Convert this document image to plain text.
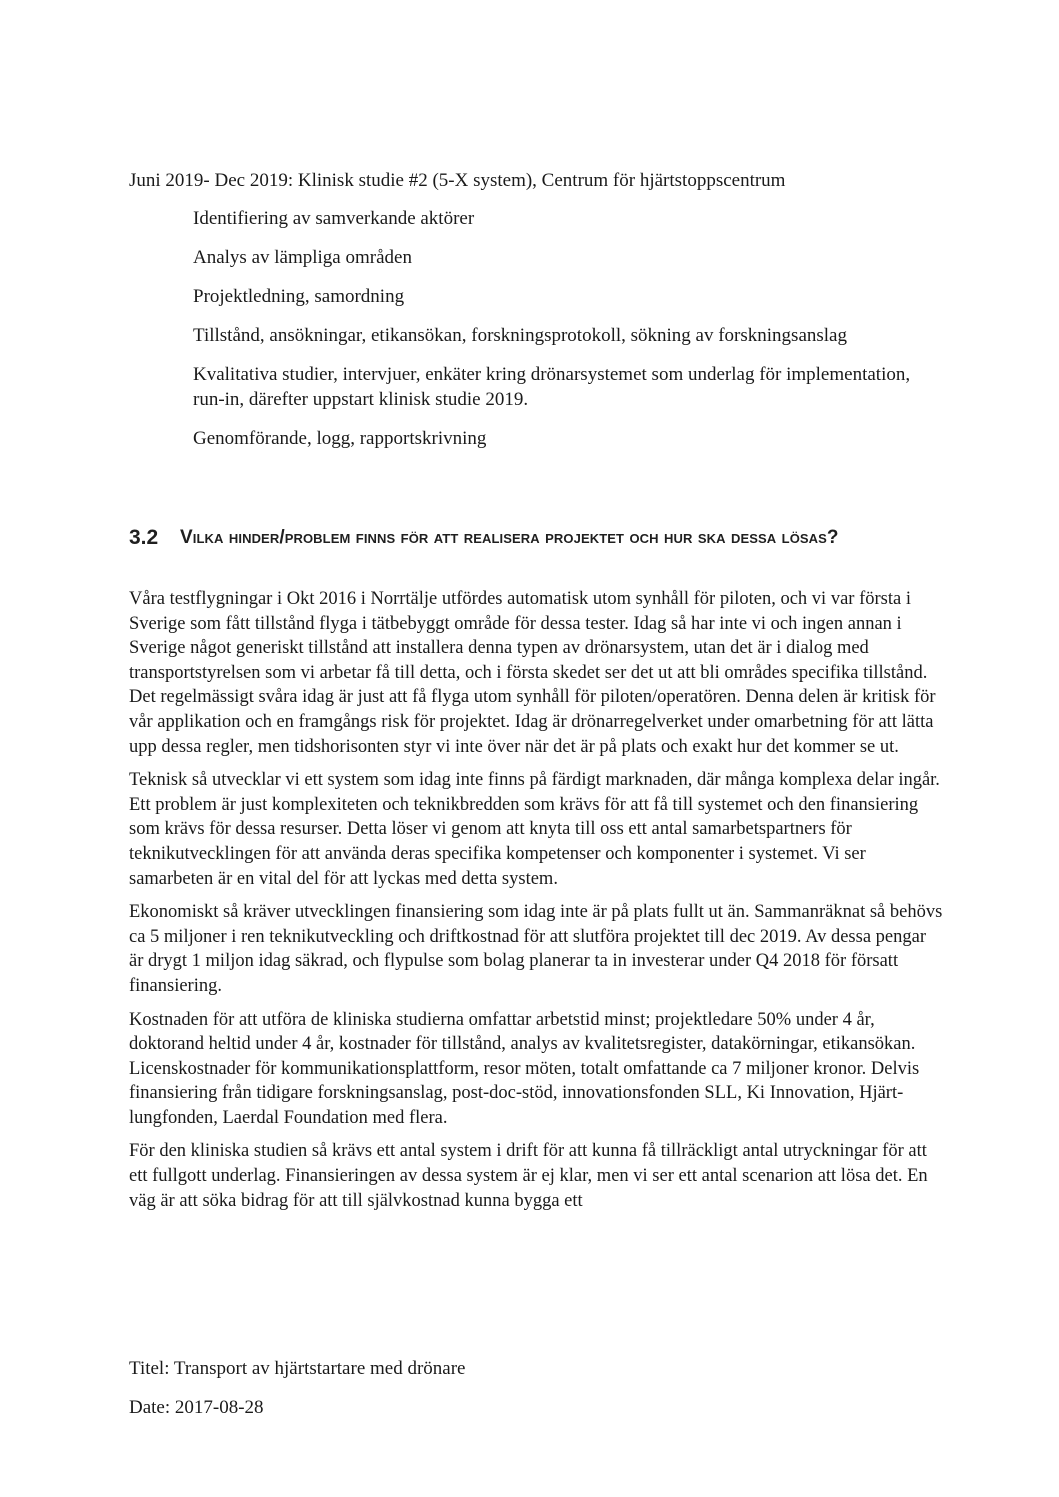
Juni 2019- Dec 2019: Klinisk studie #2 (5-X system), Centrum för hjärtstoppscentrum
Identifiering av samverkande aktörer
Analys av lämpliga områden
Projektledning, samordning
Tillstånd, ansökningar, etikansökan, forskningsprotokoll, sökning av forskningsanslag
Kvalitativa studier, intervjuer, enkäter kring drönarsystemet som underlag för implementation, run-in, därefter uppstart klinisk studie 2019.
Genomförande, logg, rapportskrivning
3.2 Vilka hinder/problem finns för att realisera projektet och hur ska dessa lösas?

Våra testflygningar i Okt 2016 i Norrtälje utfördes automatisk utom synhåll för piloten, och vi var första i Sverige som fått tillstånd flyga i tätbebyggt område för dessa tester. Idag så har inte vi och ingen annan i Sverige något generiskt tillstånd att installera denna typen av drönarsystem, utan det är i dialog med transportstyrelsen som vi arbetar få till detta, och i första skedet ser det ut att bli områdes specifika tillstånd. Det regelmässigt svåra idag är just att få flyga utom synhåll för piloten/operatören. Denna delen är kritisk för vår applikation och en framgångs risk för projektet. Idag är drönarregelverket under omarbetning för att lätta upp dessa regler, men tidshorisonten styr vi inte över när det är på plats och exakt hur det kommer se ut.

Teknisk så utvecklar vi ett system som idag inte finns på färdigt marknaden, där många komplexa delar ingår. Ett problem är just komplexiteten och teknikbredden som krävs för att få till systemet och den finansiering som krävs för dessa resurser. Detta löser vi genom att knyta till oss ett antal samarbetspartners för teknikutvecklingen för att använda deras specifika kompetenser och komponenter i systemet. Vi ser samarbeten är en vital del för att lyckas med detta system.

Ekonomiskt så kräver utvecklingen finansiering som idag inte är på plats fullt ut än. Sammanräknat så behövs ca 5 miljoner i ren teknikutveckling och driftkostnad för att slutföra projektet till dec 2019. Av dessa pengar är drygt 1 miljon idag säkrad, och flypulse som bolag planerar ta in investerar under Q4 2018 för försatt finansiering.

Kostnaden för att utföra de kliniska studierna omfattar arbetstid minst; projektledare 50% under 4 år, doktorand heltid under 4 år, kostnader för tillstånd, analys av kvalitetsregister, datakörningar, etikansökan. Licenskostnader för kommunikationsplattform, resor möten, totalt omfattande ca 7 miljoner kronor. Delvis finansiering från tidigare forskningsanslag, post-doc-stöd, innovationsfonden SLL, Ki Innovation, Hjärt-lungfonden, Laerdal Foundation med flera.

För den kliniska studien så krävs ett antal system i drift för att kunna få tillräckligt antal utryckningar för att ett fullgott underlag. Finansieringen av dessa system är ej klar, men vi ser ett antal scenarion att lösa det. En väg är att söka bidrag för att till självkostnad kunna bygga ett

Titel: Transport av hjärtstartare med drönare
Date: 2017-08-28
